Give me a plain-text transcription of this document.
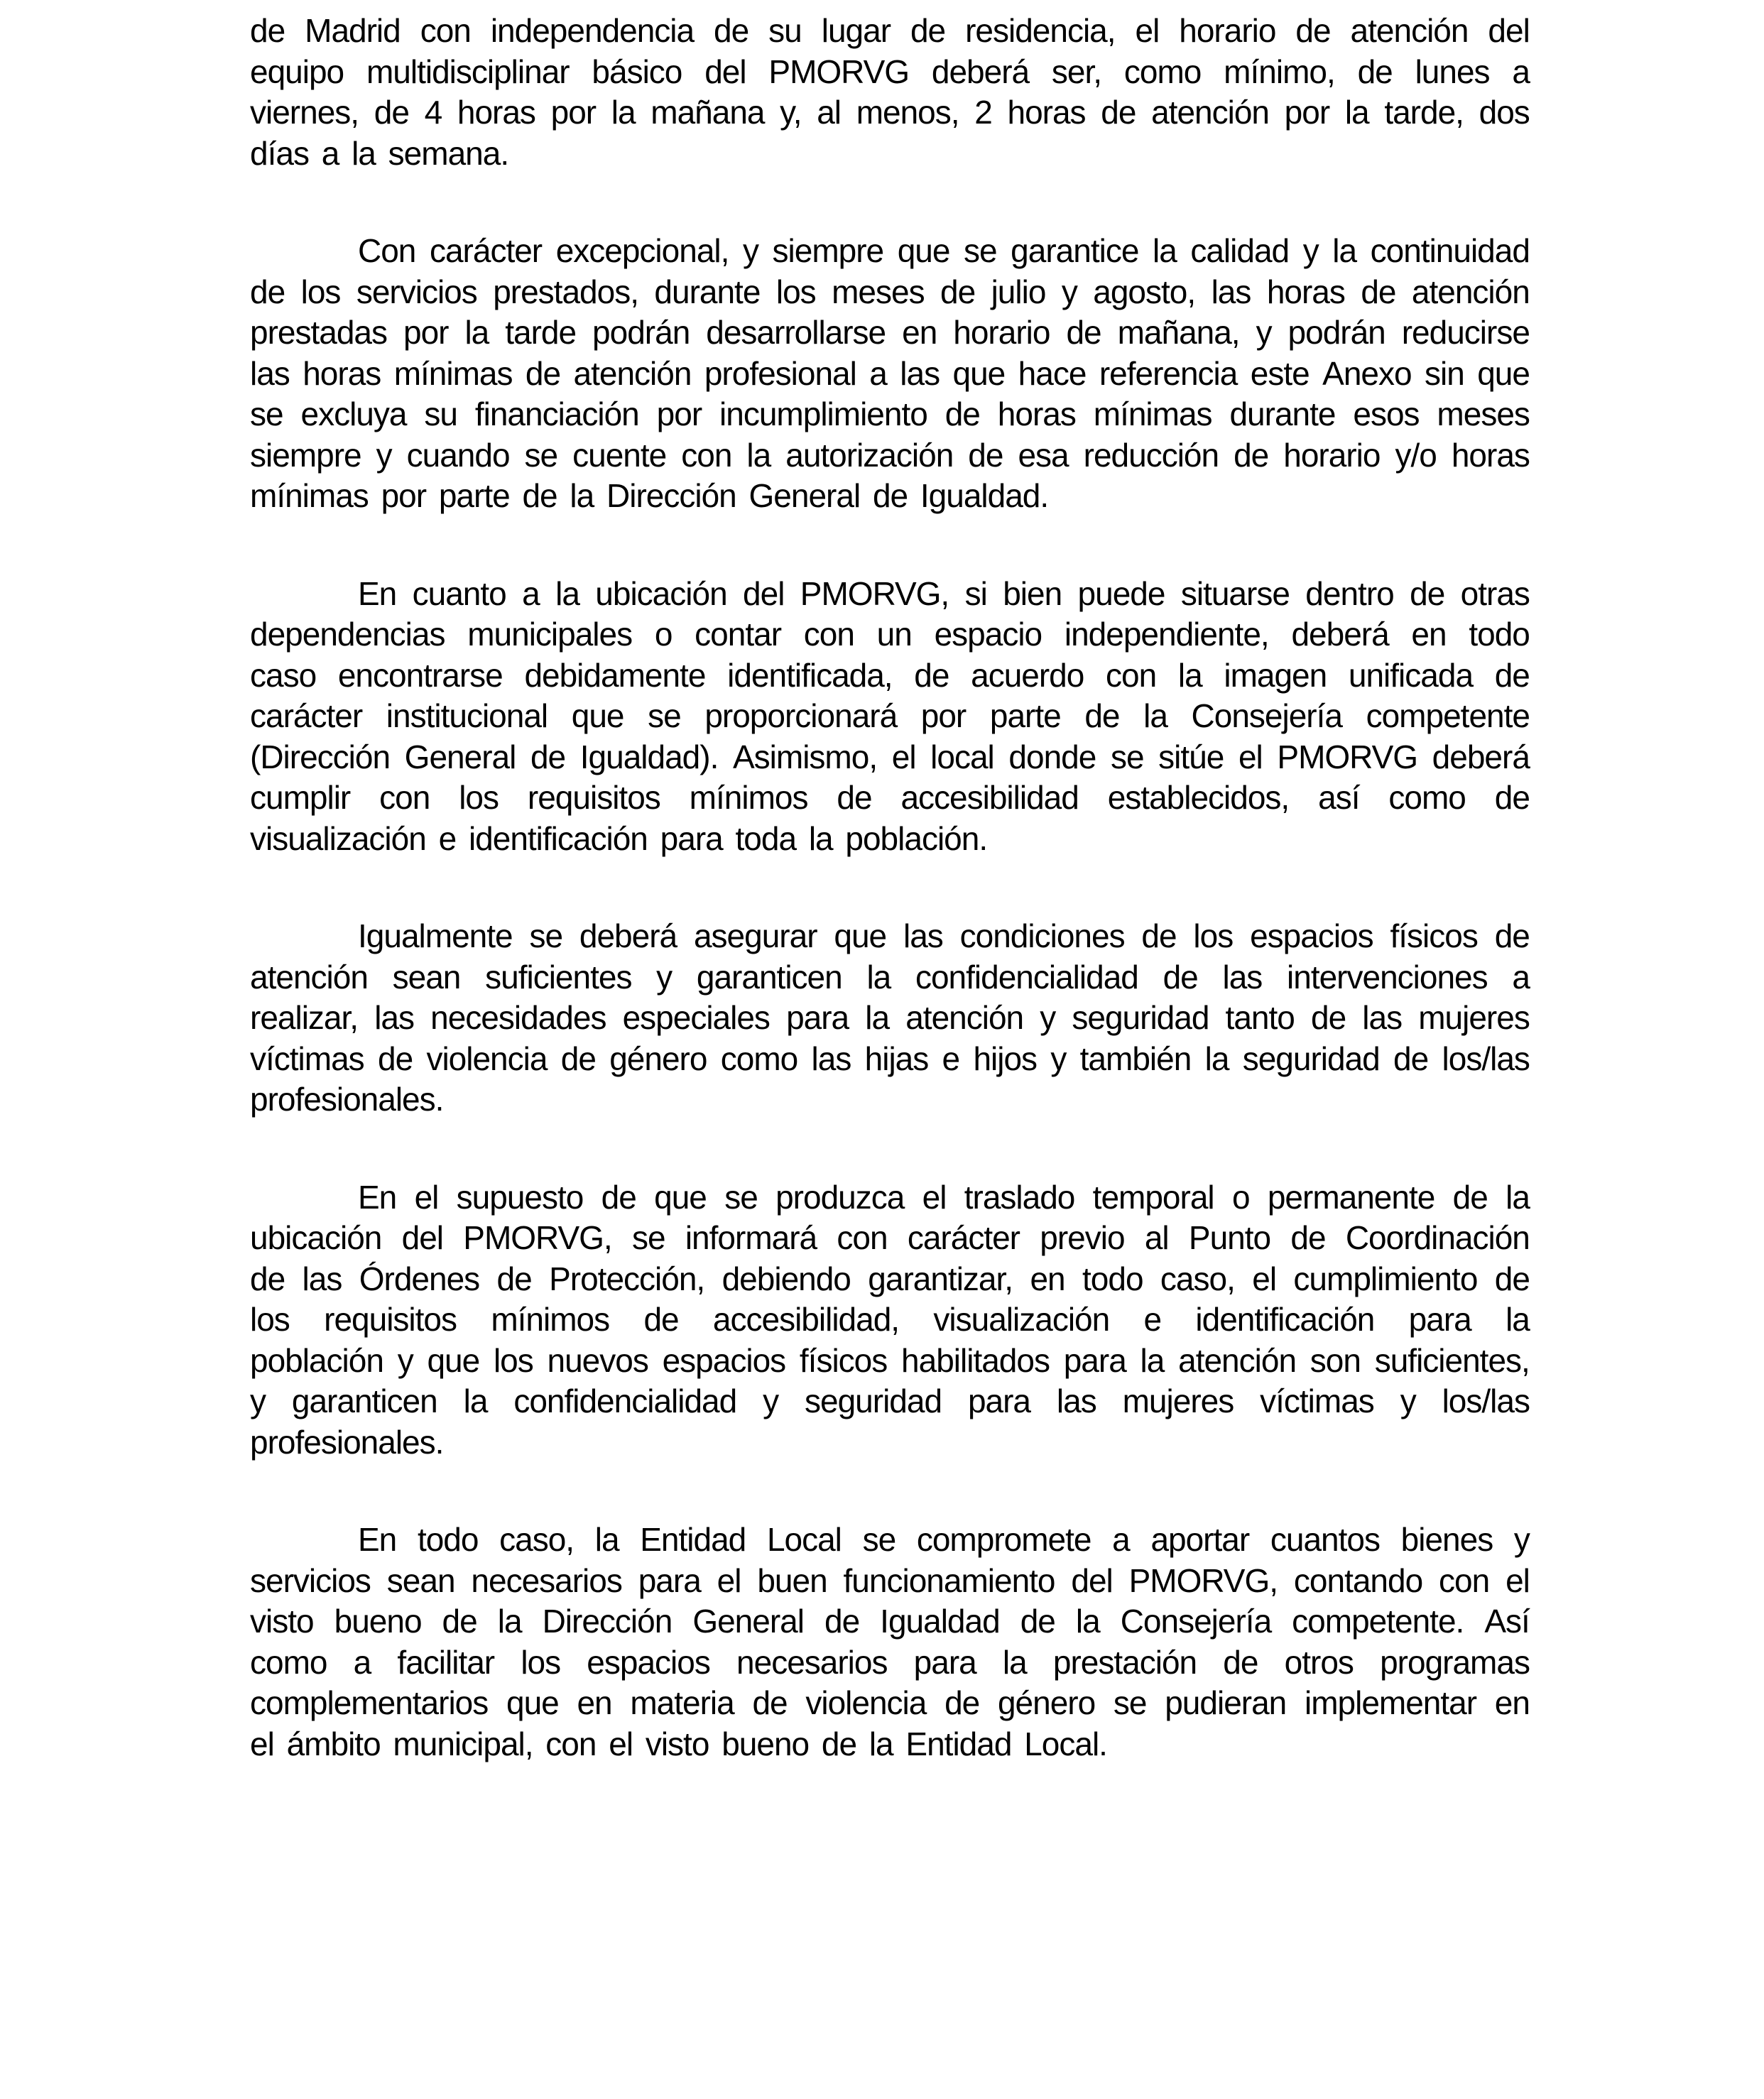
de Madrid con independencia de su lugar de residencia, el horario de atención del
equipo multidisciplinar básico del PMORVG deberá ser, como mínimo, de lunes a
viernes, de 4 horas por la mañana y, al menos, 2 horas de atención por la tarde, dos
días a la semana.
Con carácter excepcional, y siempre que se garantice la calidad y la continuidad
de los servicios prestados, durante los meses de julio y agosto, las horas de atención
prestadas por la tarde podrán desarrollarse en horario de mañana, y podrán reducirse
las horas mínimas de atención profesional a las que hace referencia este Anexo sin que
se excluya su financiación por incumplimiento de horas mínimas durante esos meses
siempre y cuando se cuente con la autorización de esa reducción de horario y/o horas
mínimas por parte de la Dirección General de Igualdad.
En cuanto a la ubicación del PMORVG, si bien puede situarse dentro de otras
dependencias municipales o contar con un espacio independiente, deberá en todo
caso encontrarse debidamente identificada, de acuerdo con la imagen unificada de
carácter institucional que se proporcionará por parte de la Consejería competente
(Dirección General de Igualdad). Asimismo, el local donde se sitúe el PMORVG deberá
cumplir con los requisitos mínimos de accesibilidad establecidos, así como de
visualización e identificación para toda la población.
Igualmente se deberá asegurar que las condiciones de los espacios físicos de
atención sean suficientes y garanticen la confidencialidad de las intervenciones a
realizar, las necesidades especiales para la atención y seguridad tanto de las mujeres
víctimas de violencia de género como las hijas e hijos y también la seguridad de los/las
profesionales.
En el supuesto de que se produzca el traslado temporal o permanente de la
ubicación del PMORVG, se informará con carácter previo al Punto de Coordinación
de las Órdenes de Protección, debiendo garantizar, en todo caso, el cumplimiento de
los requisitos mínimos de accesibilidad, visualización e identificación para la
población y que los nuevos espacios físicos habilitados para la atención son suficientes,
y garanticen la confidencialidad y seguridad para las mujeres víctimas y los/las
profesionales.
En todo caso, la Entidad Local se compromete a aportar cuantos bienes y
servicios sean necesarios para el buen funcionamiento del PMORVG, contando con el
visto bueno de la Dirección General de Igualdad de la Consejería competente. Así
como a facilitar los espacios necesarios para la prestación de otros programas
complementarios que en materia de violencia de género se pudieran implementar en
el ámbito municipal, con el visto bueno de la Entidad Local.
